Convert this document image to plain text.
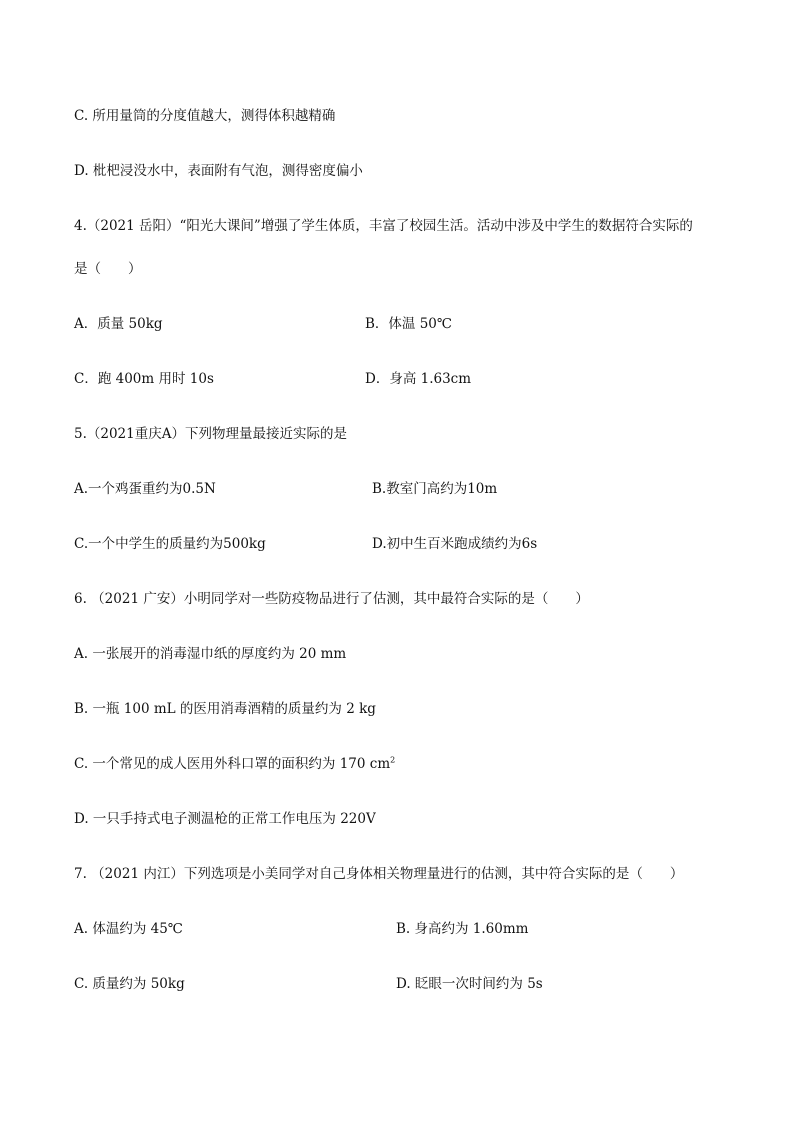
C. 所用量筒的分度值越大，测得体积越精确
D. 枇杷浸没水中，表面附有气泡，测得密度偏小
4.（2021 岳阳）“阳光大课间”增强了学生体质，丰富了校园生活。活动中涉及中学生的数据符合实际的
是（　　）
A．质量 50kg	B．体温 50℃
C．跑 400m 用时 10s	D．身高 1.63cm
5.（2021重庆A）下列物理量最接近实际的是
A.一个鸡蛋重约为0.5N	B.教室门高约为10m
C.一个中学生的质量约为500kg	D.初中生百米跑成绩约为6s
6. （2021 广安）小明同学对一些防疫物品进行了估测，其中最符合实际的是（　　）
A. 一张展开的消毒湿巾纸的厚度约为 20 mm
B. 一瓶 100 mL 的医用消毒酒精的质量约为 2 kg
C. 一个常见的成人医用外科口罩的面积约为 170 $cm^2$
D. 一只手持式电子测温枪的正常工作电压为 220V
7. （2021 内江）下列选项是小美同学对自己身体相关物理量进行的估测，其中符合实际的是（　　）
A. 体温约为 45℃	B. 身高约为 1.60mm
C. 质量约为 50kg	D. 眨眼一次时间约为 5s
